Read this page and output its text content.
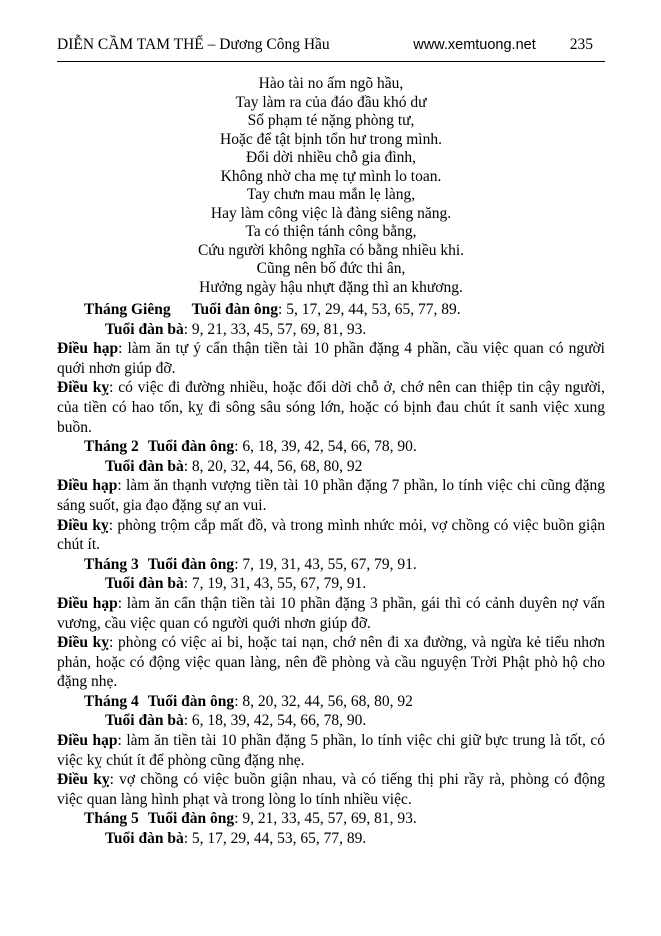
DIỄN CẦM TAM THẾ – Dương Công Hầu	www.xemtuong.net 235

Hào tài no ấm ngõ hầu,

Tay làm ra của đáo đầu khó dư

Số phạm té nặng phòng tư,

Hoặc để tật bịnh tổn hư trong mình.

Đổi dời nhiều chỗ gia đình,

Không nhờ cha mẹ tự mình lo toan.

Tay chưn mau mắn lẹ làng,

Hay làm công việc là đàng siêng năng.

Ta có thiện tánh công bằng,

Cứu người không nghĩa có bằng nhiều khi.

Cũng nên bố đức thi ân,

Hưởng ngày hậu nhựt đặng thì an khương.

Tháng Giêng Tuổi đàn ông: 5, 17, 29, 44, 53, 65, 77, 89.

Tuổi đàn bà: 9, 21, 33, 45, 57, 69, 81, 93.

Điều hạp: làm ăn tự ý cẩn thận tiền tài 10 phần đặng 4 phần, cầu việc quan có người quới nhơn giúp đỡ.

Điều kỵ: có việc đi đường nhiều, hoặc đổi dời chỗ ở, chớ nên can thiệp tin cậy người, của tiền có hao tốn, kỵ đi sông sâu sóng lớn, hoặc có bịnh đau chút ít sanh việc xung buồn.

Tháng 2 Tuổi đàn ông: 6, 18, 39, 42, 54, 66, 78, 90.

Tuổi đàn bà: 8, 20, 32, 44, 56, 68, 80, 92

Điều hạp: làm ăn thạnh vượng tiền tài 10 phần đặng 7 phần, lo tính việc chi cũng đặng sáng suốt, gia đạo đặng sự an vui.

Điều kỵ: phòng trộm cắp mất đồ, và trong mình nhức mỏi, vợ chồng có việc buồn giận chút ít.

Tháng 3 Tuổi đàn ông: 7, 19, 31, 43, 55, 67, 79, 91.

Tuổi đàn bà: 7, 19, 31, 43, 55, 67, 79, 91.

Điều hạp: làm ăn cẩn thận tiền tài 10 phần đặng 3 phần, gái thì có cảnh duyên nợ vấn vương, cầu việc quan có người quới nhơn giúp đỡ.

Điều kỵ: phòng có việc ai bi, hoặc tai nạn, chớ nên đi xa đường, và ngừa kẻ tiểu nhơn phản, hoặc có động việc quan làng, nên đề phòng và cầu nguyện Trời Phật phò hộ cho đặng nhẹ.

Tháng 4 Tuổi đàn ông: 8, 20, 32, 44, 56, 68, 80, 92

Tuổi đàn bà: 6, 18, 39, 42, 54, 66, 78, 90.

Điều hạp: làm ăn tiền tài 10 phần đặng 5 phần, lo tính việc chi giữ bực trung là tốt, có việc kỵ chút ít để phòng cũng đặng nhẹ.

Điều kỵ: vợ chồng có việc buồn giận nhau, và có tiếng thị phi rầy rà, phòng có động việc quan làng hình phạt và trong lòng lo tính nhiều việc.

Tháng 5 Tuổi đàn ông: 9, 21, 33, 45, 57, 69, 81, 93.

Tuổi đàn bà: 5, 17, 29, 44, 53, 65, 77, 89.
